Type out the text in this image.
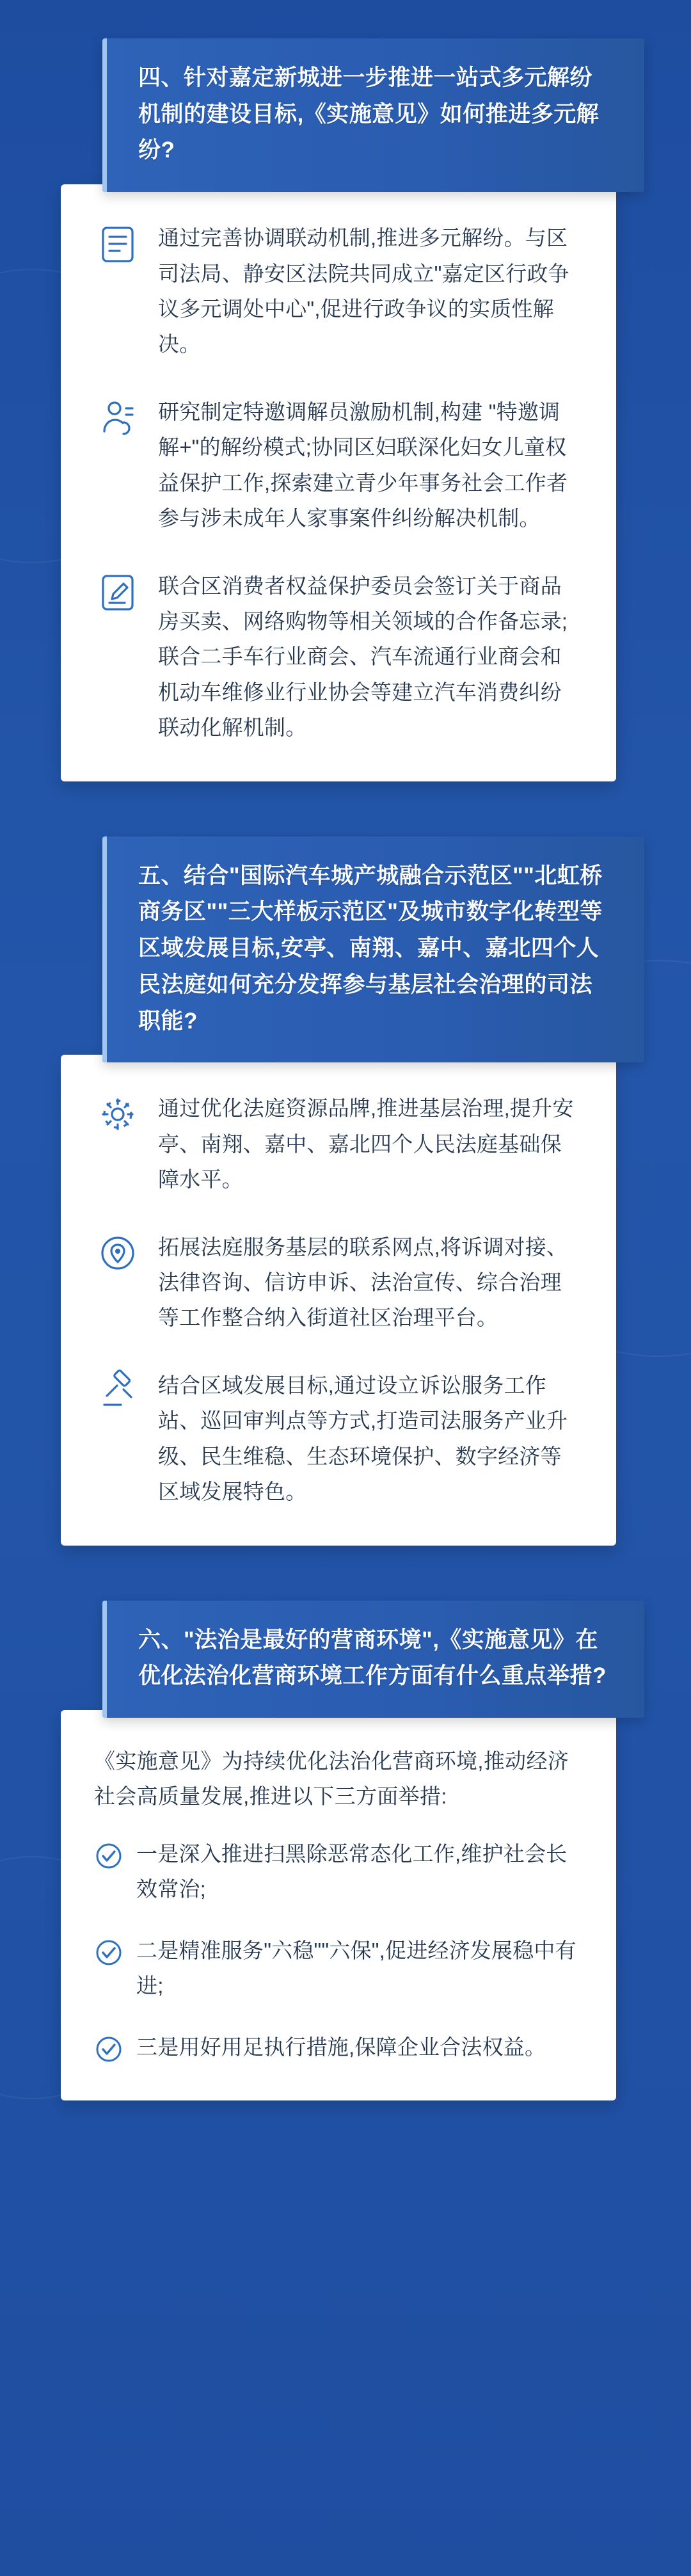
四、针对嘉定新城进一步推进一站式多元解纷机制的建设目标,《实施意见》如何推进多元解纷?
通过完善协调联动机制,推进多元解纷。与区司法局、静安区法院共同成立"嘉定区行政争议多元调处中心",促进行政争议的实质性解决。
研究制定特邀调解员激励机制,构建 "特邀调解+"的解纷模式;协同区妇联深化妇女儿童权益保护工作,探索建立青少年事务社会工作者参与涉未成年人家事案件纠纷解决机制。
联合区消费者权益保护委员会签订关于商品房买卖、网络购物等相关领域的合作备忘录;联合二手车行业商会、汽车流通行业商会和机动车维修业行业协会等建立汽车消费纠纷联动化解机制。
五、结合"国际汽车城产城融合示范区""北虹桥商务区""三大样板示范区"及城市数字化转型等区域发展目标,安亭、南翔、嘉中、嘉北四个人民法庭如何充分发挥参与基层社会治理的司法职能?
通过优化法庭资源品牌,推进基层治理,提升安亭、南翔、嘉中、嘉北四个人民法庭基础保障水平。
拓展法庭服务基层的联系网点,将诉调对接、法律咨询、信访申诉、法治宣传、综合治理等工作整合纳入街道社区治理平台。
结合区域发展目标,通过设立诉讼服务工作站、巡回审判点等方式,打造司法服务产业升级、民生维稳、生态环境保护、数字经济等区域发展特色。
六、"法治是最好的营商环境",《实施意见》在优化法治化营商环境工作方面有什么重点举措?
《实施意见》为持续优化法治化营商环境,推动经济社会高质量发展,推进以下三方面举措:
一是深入推进扫黑除恶常态化工作,维护社会长效常治;
二是精准服务"六稳""六保",促进经济发展稳中有进;
三是用好用足执行措施,保障企业合法权益。
